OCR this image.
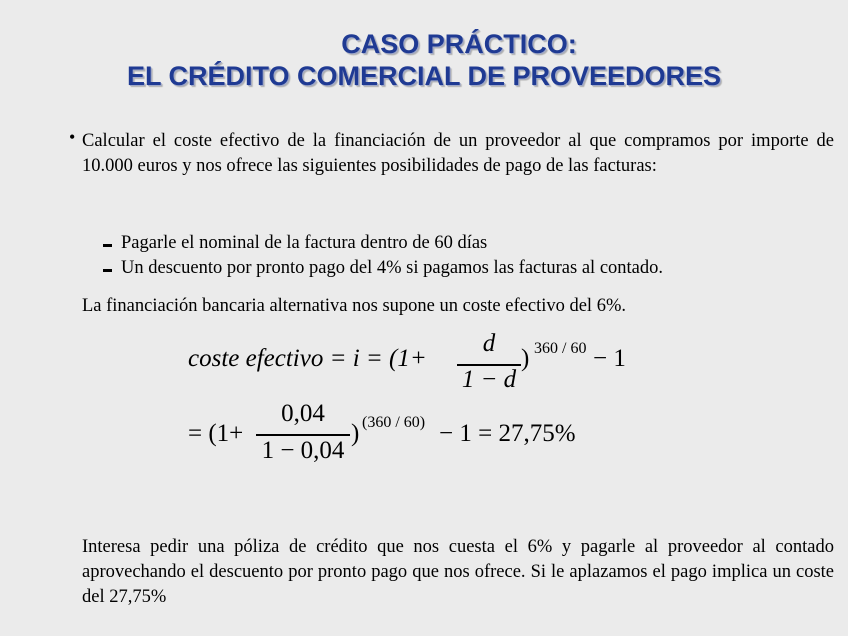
CASO PRÁCTICO:
EL CRÉDITO COMERCIAL DE PROVEEDORES
• Calcular el coste efectivo de la financiación de un proveedor al que compramos por importe de 10.000 euros y nos ofrece las siguientes posibilidades de pago de las facturas:
Pagarle el nominal de la factura dentro de 60 días
Un descuento por pronto pago del 4% si pagamos las facturas al contado.
La financiación bancaria alternativa nos supone un coste efectivo del 6%.
coste efectivo = i = (1+
d
1 − d
) 360 / 60 − 1
= (1+
0,04
1 − 0,04
) (360 / 60) − 1 = 27,75%
Interesa pedir una póliza de crédito que nos cuesta el 6% y pagarle al proveedor al contado aprovechando el descuento por pronto pago que nos ofrece. Si le aplazamos el pago implica un coste del 27,75%
